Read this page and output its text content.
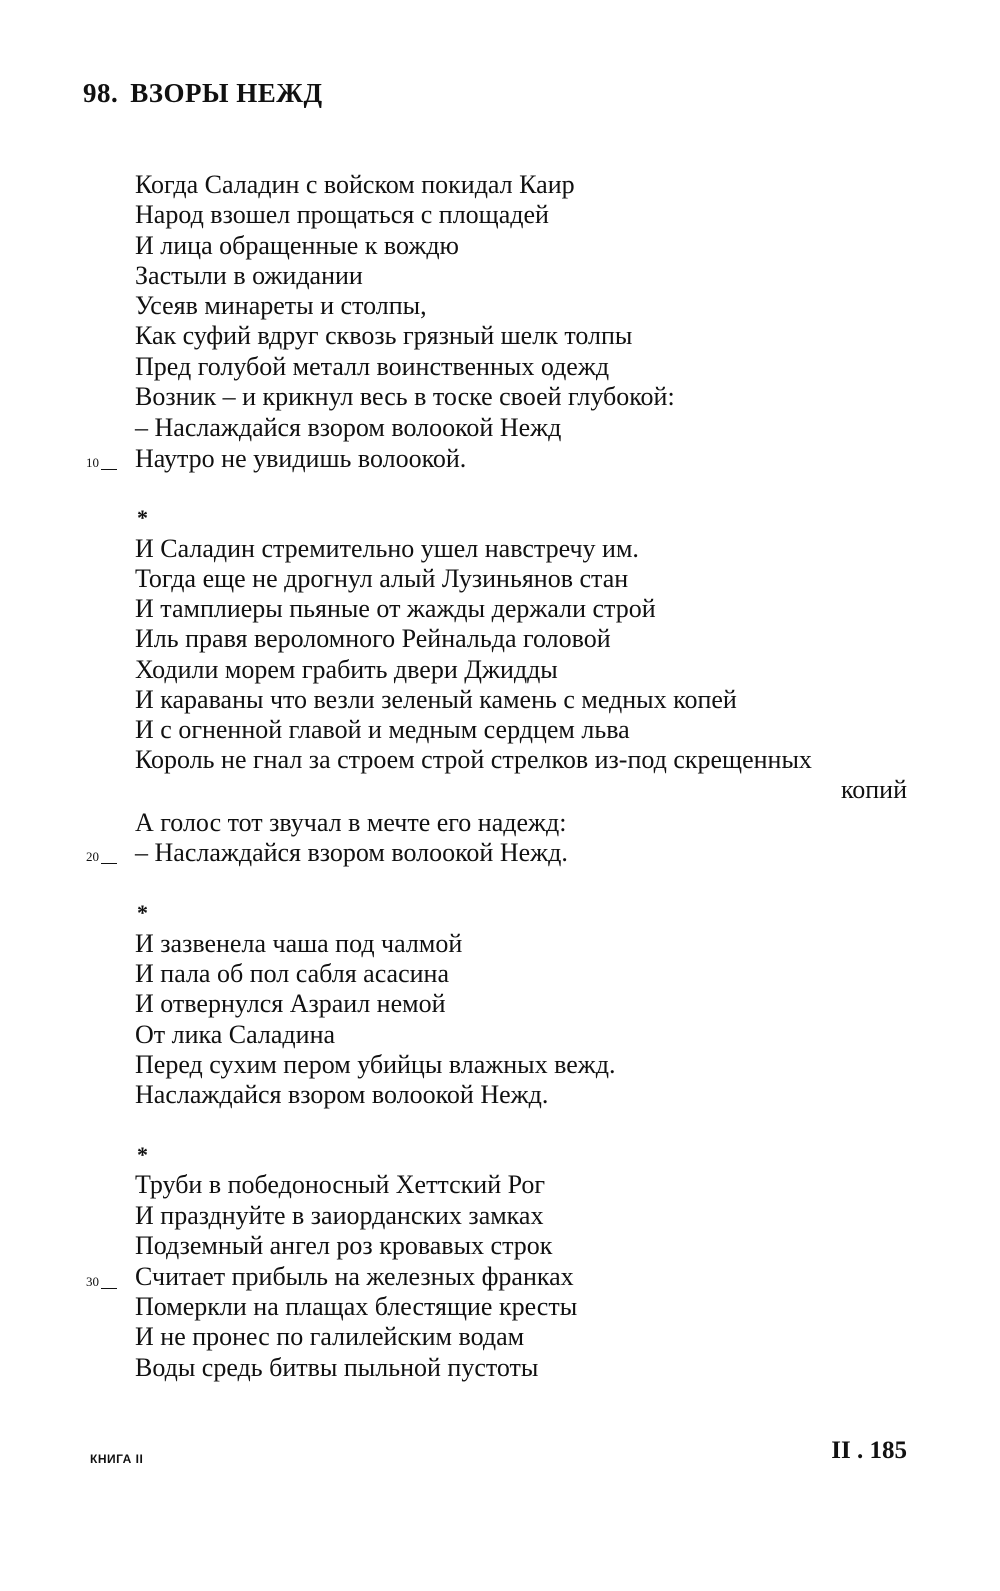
98. ВЗОРЫ НЕЖД
Когда Саладин с войском покидал Каир
Народ взошел прощаться с площадей
И лица обращенные к вождю
Застыли в ожидании
Усеяв минареты и столпы,
Как суфий вдруг сквозь грязный шелк толпы
Пред голубой металл воинственных одежд
Возник – и крикнул весь в тоске своей глубокой:
– Наслаждайся взором волоокой Нежд
Наутро не увидишь волоокой.
10
*
И Саладин стремительно ушел навстречу им.
Тогда еще не дрогнул алый Лузиньянов стан
И тамплиеры пьяные от жажды держали строй
Иль правя вероломного Рейнальда головой
Ходили морем грабить двери Джидды
И караваны что везли зеленый камень с медных копей
И с огненной главой и медным сердцем льва
Король не гнал за строем строй стрелков из-под скрещенных
копий
А голос тот звучал в мечте его надежд:
– Наслаждайся взором волоокой Нежд.
20
*
И зазвенела чаша под чалмой
И пала об пол сабля асасина
И отвернулся Азраил немой
От лика Саладина
Перед сухим пером убийцы влажных вежд.
Наслаждайся взором волоокой Нежд.
*
Труби в победоносный Хеттский Рог
И празднуйте в заиорданских замках
Подземный ангел роз кровавых строк
Считает прибыль на железных франках
30
Померкли на плащах блестящие кресты
И не пронес по галилейским водам
Воды средь битвы пыльной пустоты
КНИГА II	II . 185
